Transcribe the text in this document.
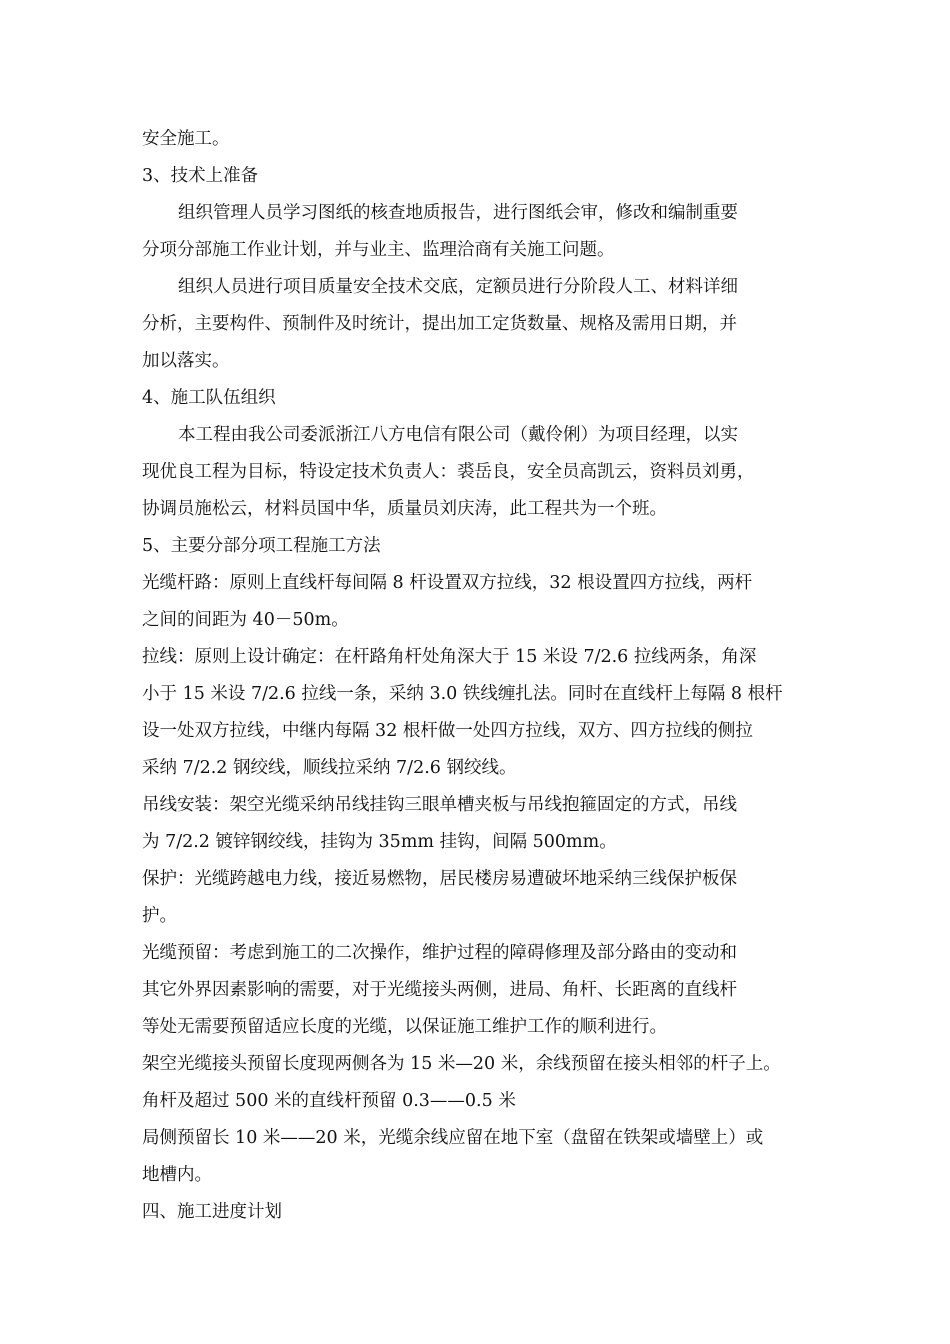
安全施工。
3、技术上准备
组织管理人员学习图纸的核查地质报告，进行图纸会审，修改和编制重要
分项分部施工作业计划，并与业主、监理洽商有关施工问题。
组织人员进行项目质量安全技术交底，定额员进行分阶段人工、材料详细
分析，主要构件、预制件及时统计，提出加工定货数量、规格及需用日期，并
加以落实。
4、施工队伍组织
本工程由我公司委派浙江八方电信有限公司（戴伶俐）为项目经理，以实
现优良工程为目标，特设定技术负责人：裘岳良，安全员高凯云，资料员刘勇，
协调员施松云，材料员国中华，质量员刘庆涛，此工程共为一个班。
5、主要分部分项工程施工方法
光缆杆路：原则上直线杆每间隔 8 杆设置双方拉线，32 根设置四方拉线，两杆
之间的间距为 40－50m。
拉线：原则上设计确定：在杆路角杆处角深大于 15 米设 7/2.6 拉线两条，角深
小于 15 米设 7/2.6 拉线一条，采纳 3.0 铁线缠扎法。同时在直线杆上每隔 8 根杆
设一处双方拉线，中继内每隔 32 根杆做一处四方拉线，双方、四方拉线的侧拉
采纳 7/2.2 钢绞线，顺线拉采纳 7/2.6 钢绞线。
吊线安装：架空光缆采纳吊线挂钩三眼单槽夹板与吊线抱箍固定的方式，吊线
为 7/2.2 镀锌钢绞线，挂钩为 35mm 挂钩，间隔 500mm。
保护：光缆跨越电力线，接近易燃物，居民楼房易遭破坏地采纳三线保护板保
护。
光缆预留：考虑到施工的二次操作，维护过程的障碍修理及部分路由的变动和
其它外界因素影响的需要，对于光缆接头两侧，进局、角杆、长距离的直线杆
等处无需要预留适应长度的光缆，以保证施工维护工作的顺利进行。
架空光缆接头预留长度现两侧各为 15 米—20 米，余线预留在接头相邻的杆子上。
角杆及超过 500 米的直线杆预留 0.3——0.5 米
局侧预留长 10 米——20 米，光缆余线应留在地下室（盘留在铁架或墙壁上）或
地槽内。
四、施工进度计划
